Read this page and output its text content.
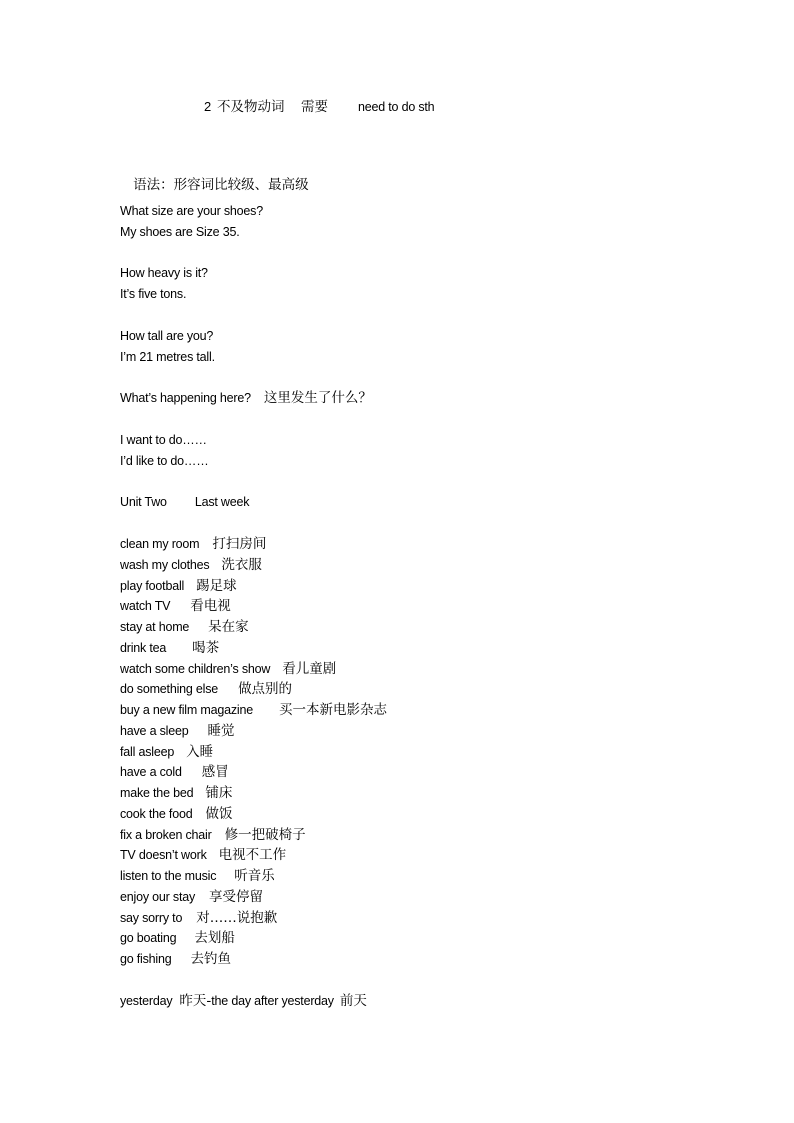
2 不及物动词 需要 need to do sth

语法：形容词比较级、最高级

What size are your shoes?
My shoes are Size 35.
How heavy is it?
It’s five tons.
How tall are you?
I’m 21 metres tall.
What’s happening here? 这里发生了什么？
I want to do……
I’d like to do……
Unit Two Last week
clean my room 打扫房间
wash my clothes 洗衣服
play football 踢足球
watch TV 看电视
stay at home 呆在家
drink tea 喝茶
watch some children’s show 看儿童剧
do something else 做点别的
buy a new film magazine 买一本新电影杂志
have a sleep 睡觉
fall asleep 入睡
have a cold 感冒
make the bed 铺床
cook the food 做饭
fix a broken chair 修一把破椅子
TV doesn’t work 电视不工作
listen to the music 听音乐
enjoy our stay 享受停留
say sorry to 对……说抱歉
go boating 去划船
go fishing 去钓鱼
yesterday 昨天-the day after yesterday 前天
